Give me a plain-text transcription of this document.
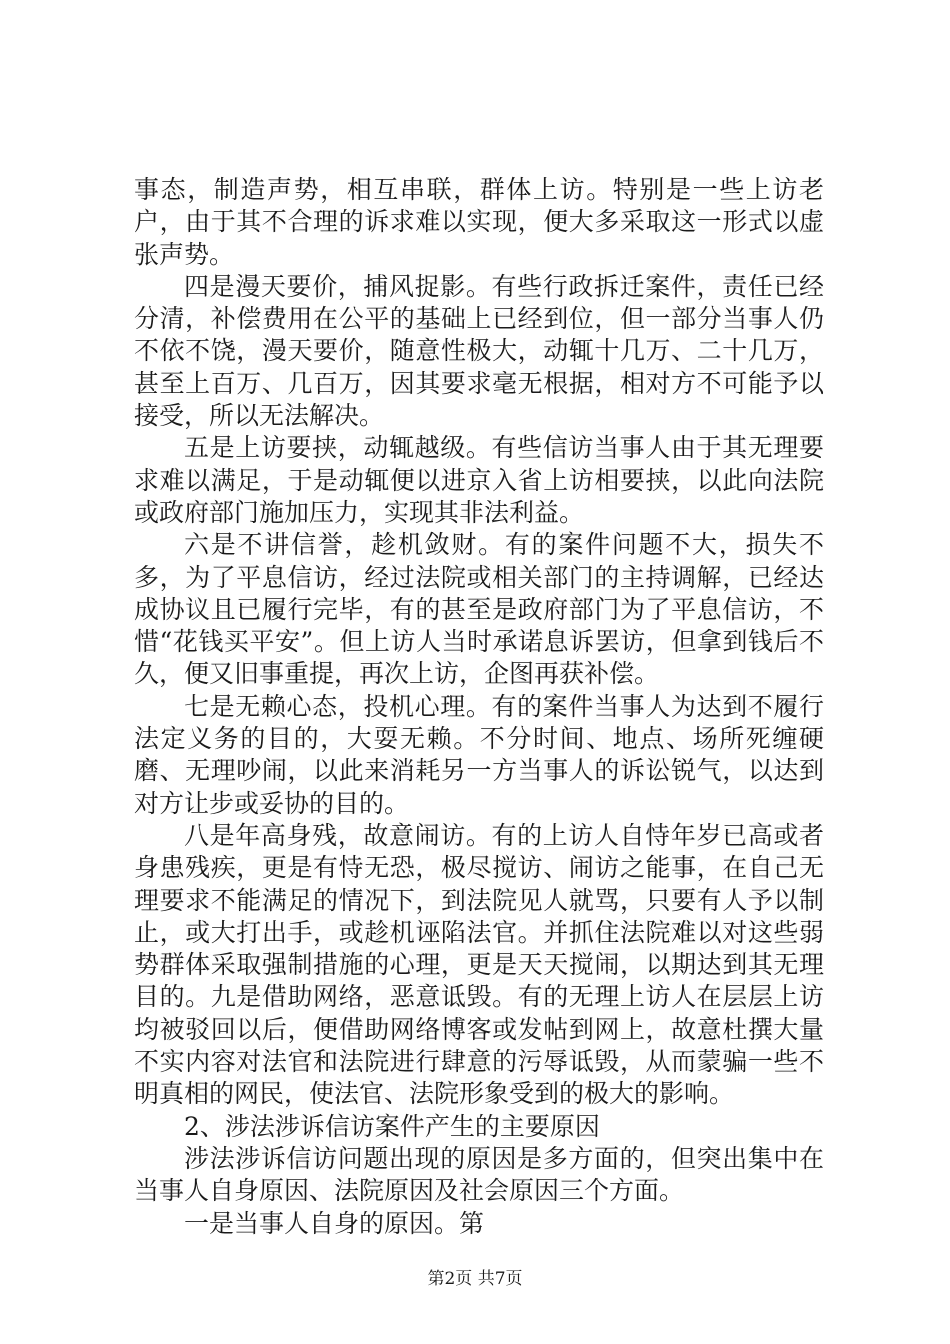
事态，制造声势，相互串联，群体上访。特别是一些上访老户，由于其不合理的诉求难以实现，便大多采取这一形式以虚张声势。

四是漫天要价，捕风捉影。有些行政拆迁案件，责任已经分清，补偿费用在公平的基础上已经到位，但一部分当事人仍不依不饶，漫天要价，随意性极大，动辄十几万、二十几万，甚至上百万、几百万，因其要求毫无根据，相对方不可能予以接受，所以无法解决。

五是上访要挟，动辄越级。有些信访当事人由于其无理要求难以满足，于是动辄便以进京入省上访相要挟，以此向法院或政府部门施加压力，实现其非法利益。

六是不讲信誉，趁机敛财。有的案件问题不大，损失不多，为了平息信访，经过法院或相关部门的主持调解，已经达成协议且已履行完毕，有的甚至是政府部门为了平息信访，不惜“花钱买平安”。但上访人当时承诺息诉罢访，但拿到钱后不久，便又旧事重提，再次上访，企图再获补偿。

七是无赖心态，投机心理。有的案件当事人为达到不履行法定义务的目的，大耍无赖。不分时间、地点、场所死缠硬磨、无理吵闹，以此来消耗另一方当事人的诉讼锐气，以达到对方让步或妥协的目的。

八是年高身残，故意闹访。有的上访人自恃年岁已高或者身患残疾，更是有恃无恐，极尽搅访、闹访之能事，在自己无理要求不能满足的情况下，到法院见人就骂，只要有人予以制止，或大打出手，或趁机诬陷法官。并抓住法院难以对这些弱势群体采取强制措施的心理，更是天天搅闹，以期达到其无理目的。九是借助网络，恶意诋毁。有的无理上访人在层层上访均被驳回以后，便借助网络博客或发帖到网上，故意杜撰大量不实内容对法官和法院进行肆意的污辱诋毁，从而蒙骗一些不明真相的网民，使法官、法院形象受到的极大的影响。

2、涉法涉诉信访案件产生的主要原因

涉法涉诉信访问题出现的原因是多方面的，但突出集中在当事人自身原因、法院原因及社会原因三个方面。

一是当事人自身的原因。第

第2页 共7页
